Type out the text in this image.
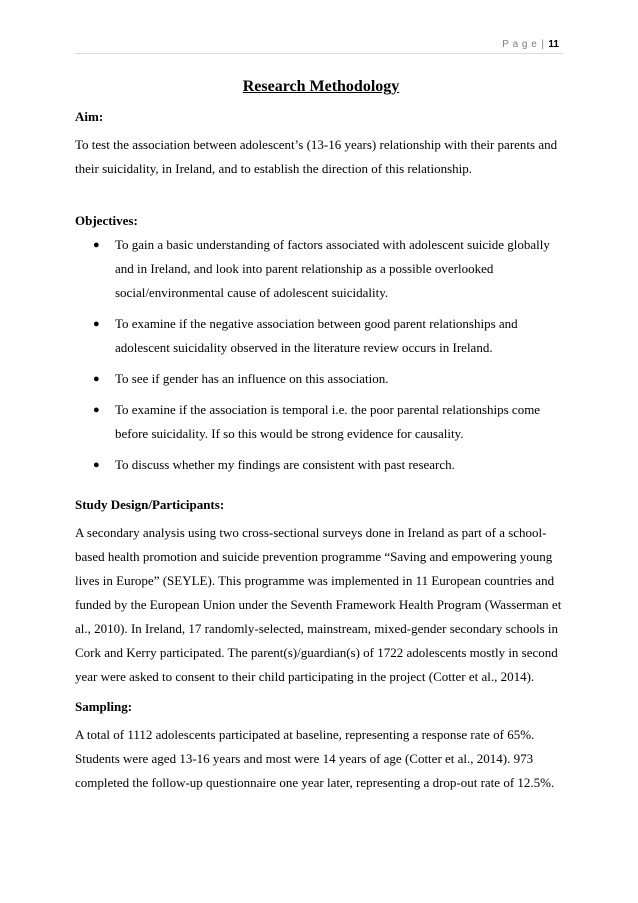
P a g e | 11
Research Methodology
Aim:

To test the association between adolescent’s (13-16 years) relationship with their parents and

their suicidality, in Ireland, and to establish the direction of this relationship.

Objectives:
● To gain a basic understanding of factors associated with adolescent suicide globally
and in Ireland, and look into parent relationship as a possible overlooked
social/environmental cause of adolescent suicidality.
● To examine if the negative association between good parent relationships and
adolescent suicidality observed in the literature review occurs in Ireland.
● To see if gender has an influence on this association.
● To examine if the association is temporal i.e. the poor parental relationships come
before suicidality. If so this would be strong evidence for causality.
● To discuss whether my findings are consistent with past research.
Study Design/Participants:

A secondary analysis using two cross-sectional surveys done in Ireland as part of a school-

based health promotion and suicide prevention programme “Saving and empowering young

lives in Europe” (SEYLE). This programme was implemented in 11 European countries and

funded by the European Union under the Seventh Framework Health Program (Wasserman et

al., 2010). In Ireland, 17 randomly-selected, mainstream, mixed-gender secondary schools in

Cork and Kerry participated. The parent(s)/guardian(s) of 1722 adolescents mostly in second

year were asked to consent to their child participating in the project (Cotter et al., 2014).

Sampling:

A total of 1112 adolescents participated at baseline, representing a response rate of 65%.

Students were aged 13-16 years and most were 14 years of age (Cotter et al., 2014). 973

completed the follow-up questionnaire one year later, representing a drop-out rate of 12.5%.
